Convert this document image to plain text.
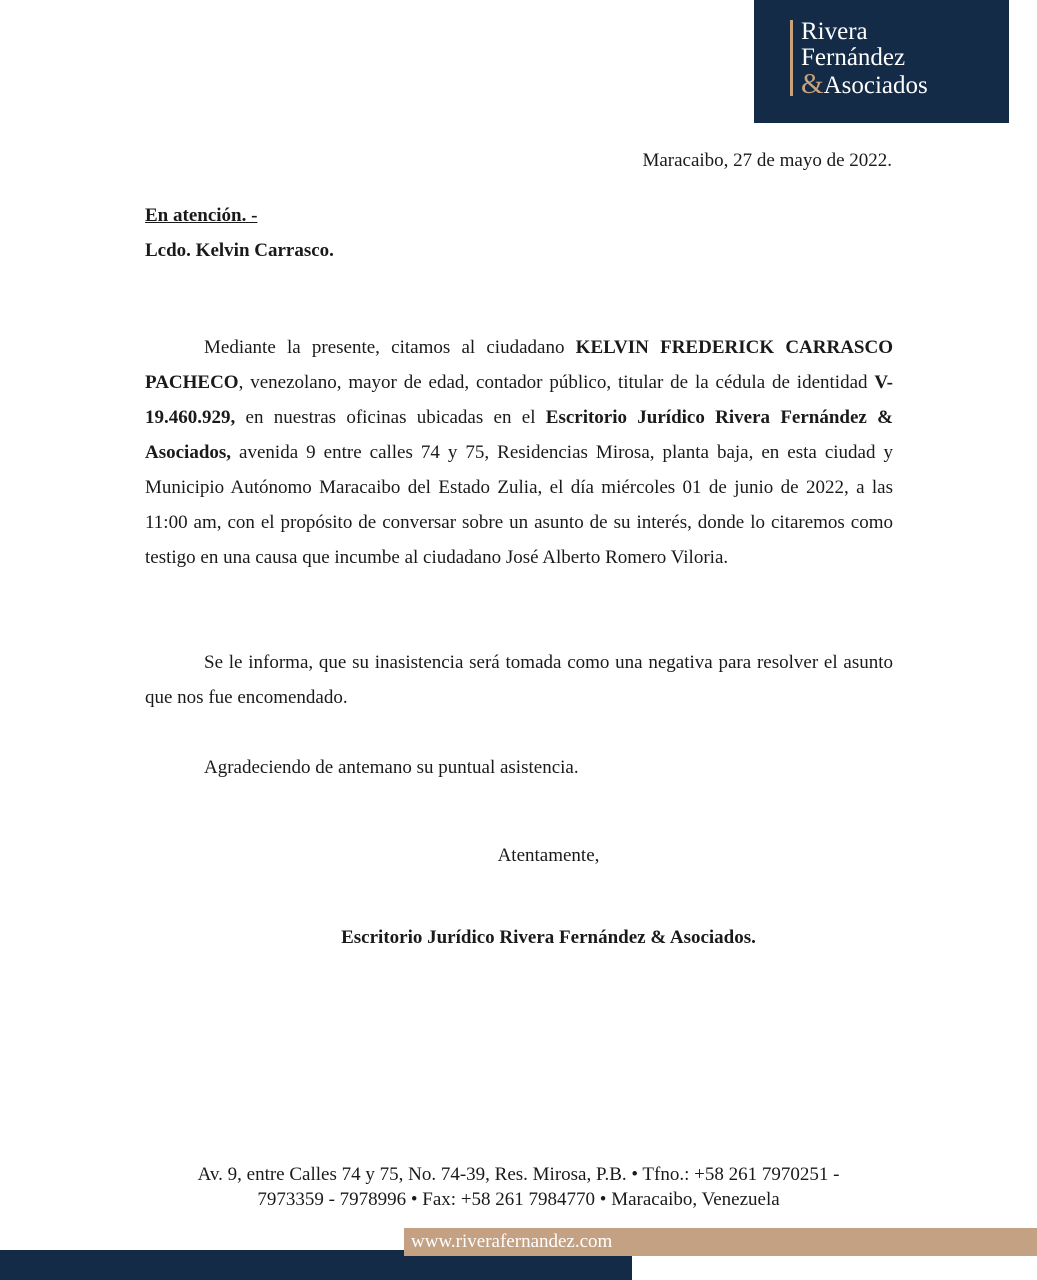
Rivera
Fernández
&Asociados
Maracaibo, 27 de mayo de 2022.
En atención. -
Lcdo. Kelvin Carrasco.

Mediante la presente, citamos al ciudadano KELVIN FREDERICK CARRASCO PACHECO, venezolano, mayor de edad, contador público, titular de la cédula de identidad V-19.460.929, en nuestras oficinas ubicadas en el Escritorio Jurídico Rivera Fernández & Asociados, avenida 9 entre calles 74 y 75, Residencias Mirosa, planta baja, en esta ciudad y Municipio Autónomo Maracaibo del Estado Zulia, el día miércoles 01 de junio de 2022, a las 11:00 am, con el propósito de conversar sobre un asunto de su interés, donde lo citaremos como testigo en una causa que incumbe al ciudadano José Alberto Romero Viloria.

Se le informa, que su inasistencia será tomada como una negativa para resolver el asunto que nos fue encomendado.

Agradeciendo de antemano su puntual asistencia.

Atentamente,
Escritorio Jurídico Rivera Fernández & Asociados.
Av. 9, entre Calles 74 y 75, No. 74-39, Res. Mirosa, P.B. • Tfno.: +58 261 7970251 -
7973359 - 7978996 • Fax: +58 261 7984770 • Maracaibo, Venezuela
www.riverafernandez.com
